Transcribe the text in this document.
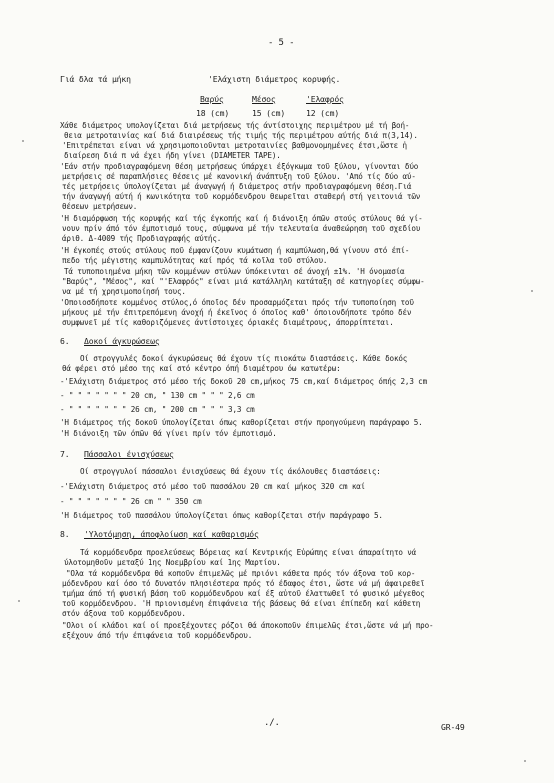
- 5 -
Γιά δλα τά μήκη	'Ελάχιστη διάμετρος κορυφής.
Βαρύς	Μέσος	'Ελαφρός
18 (cm)	15 (cm)	12 (cm)
Χάθε διάμετρος υπολογίζεται διά μετρήσεως τής άντίστοιχης περιμέτρου μέ τή βοή-
θεια μετροταινίας καί διά διαιρέσεως τής τιμής τής περιμέτρου αύτής διά π(3,14).
'Επιτρέπεται είναι νά χρησιμοποιοῦνται μετροταινίες βαθμονομημένες έτσι,ὥστε ἡ
διαίρεση διά π νά έχει ήδη γίνει (DIAMETER TAPE).
'Εάν στήν προδιαγραφόμενη θέση μετρήσεως ύπάρχει έξόγκωμα τοῦ ξύλου, γίνονται δύο
μετρήσεις σέ παραπλήσιες θέσεις μέ κανονική άνάπτυξη τοῦ ξύλου. 'Από τίς δύο αύ-
τές μετρήσεις ύπολογίζεται μέ άναγωγή ή διάμετρος στήν προδιαγραφόμενη θέση.Γιά
τήν άναγωγή αύτή ή κωνικότητα τοῦ κορμόδενδρου θεωρεῖται σταθερή στή γειτονιά τῶν
θέσεων μετρήσεων.
'Η διαμόρφωση τής κορυφής καί τής έγκοπής καί ή διάνοιξη όπῶν στούς στύλους θά γί-
νουν πρίν άπό τόν έμποτισμό τους, σύμφωνα μέ τήν τελευταία άναθεώρηση τοῦ σχεδίου
άριθ. Δ-4009 τής Προδιαγραφής αύτής.
'Η έγκοπές στούς στύλους ποῦ έμφανίζουν κυμάτωση ή καμπύλωση,θά γίνουν στό έπί-
πεδο τής μέγιστης καμπυλότητας καί πρός τά κοῖλα τοῦ στύλου.
Τά τυποποιημένα μήκη τῶν κομμένων στύλων ύπόκεινται σέ άνοχή ±1%. 'Η όνομασία
"Βαρύς", "Μέσος", καί "'Ελαφρός" είναι μιά κατάλληλη κατάταξη σέ κατηγορίες σύμφω-
να μέ τή χρησιμοποίησή τους.
'Οποιοσδήποτε κομμένος στύλος,ό όποῖος δέν προσαρμόζεται πρός τήν τυποποίηση τοῦ
μήκους μέ τήν έπιτρεπόμενη άνοχή ή έκεῖνος ό όποῖος καθ' όποιονδήποτε τρόπο δέν
συμφωνεῖ μέ τίς καθοριζόμενες άντίστοιχες όριακές διαμέτρους, άπορρίπτεται.
6. Δοκοί άγκυρώσεως
Οί στρογγυλές δοκοί άγκυρώσεως θά έχουν τίς πιοκάτω διαστάσεις. Κάθε δοκός
θά φέρει στό μέσο της καί στό κέντρο όπή διαμέτρου όω κατωτέρω:
-'Ελάχιστη διάμετρος στό μέσο τής δοκοῦ 20 cm,μήκος 75 cm,καί διάμετρος όπής 2,3 cm
- " " " " " " " 20 cm, " 130 cm " " " 2,6 cm
- " " " " " " " 26 cm, " 200 cm " " " 3,3 cm
'Η διάμετρος τής δοκοῦ ύπολογίζεται όπως καθορίζεται στήν προηγούμενη παράγραφο 5.
'Η διάνοιξη τῶν όπῶν θά γίνει πρίν τόν έμποτισμό.
7. Πάσσαλοι ένισχύσεως
Οί στρογγυλοί πάσσαλοι ένισχύσεως θά έχουν τίς άκόλουθες διαστάσεις:
-'Ελάχιστη διάμετρος στό μέσο τοῦ πασσάλου 20 cm καί μήκος 320 cm καί
- " " " " " " " 26 cm " " 350 cm
'Η διάμετρος τοῦ πασσάλου ύπολογίζεται όπως καθορίζεται στήν παράγραφο 5.
8. 'Υλοτόμηση, άποφλοίωση καί καθαρισμός
Τά κορμόδενδρα προελεύσεως Βόρειας καί Κεντρικής Εὐρώπης είναι άπαραίτητο νά
ύλοτομηθοῦν μεταξύ 1ης Νοεμβρίου καί 1ης Μαρτίου.
"Ολα τά κορμόδενδρα θά κοποῦν έπιμελῶς μέ πριόνι κάθετα πρός τόν άξονα τοῦ κορ-
μόδενδρου καί όσο τό δυνατόν πλησιέστερα πρός τό έδαφος έτσι, ὥστε νά μή άφαιρεθεῖ
τμήμα άπό τή φυσική βάση τοῦ κορμόδενδρου καί έξ αὐτοῦ έλαττωθεῖ τό φυσικό μέγεθος
τοῦ κορμόδενδρου. 'Η πριονισμένη έπιφάνεια τής βάσεως θά είναι έπίπεδη καί κάθετη
στόν άξονα τοῦ κορμόδενδρου.
"Ολοι οί κλάδοι καί οί προεξέχοντες ρόζοι θά άποκοποῦν έπιμελῶς έτσι,ὥστε νά μή προ-
εξέχουν άπό τήν έπιφάνεια τοῦ κορμόδενδρου.
./.	GR-49
